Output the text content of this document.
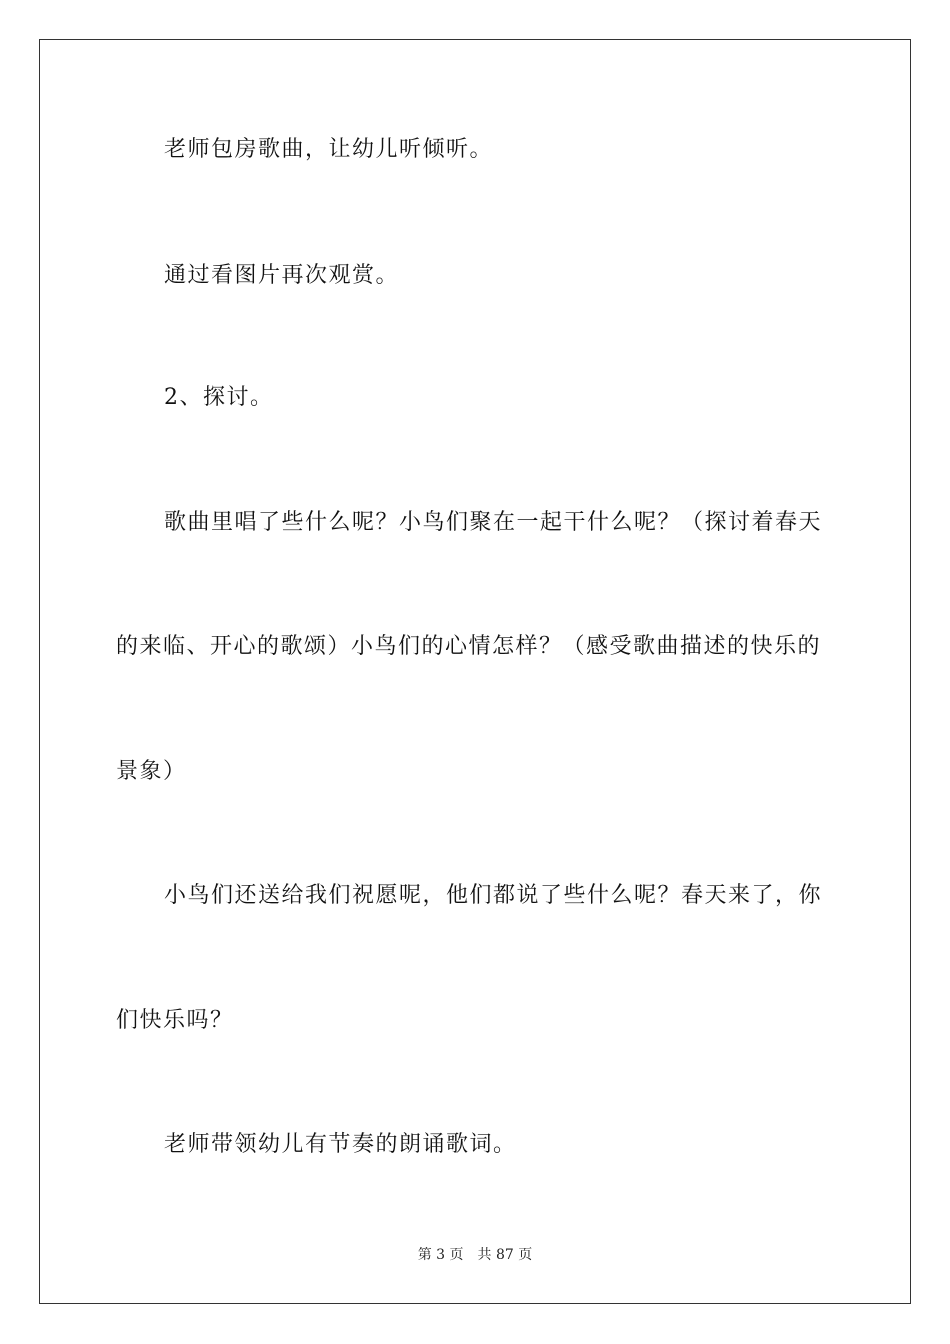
老师包房歌曲，让幼儿听倾听。
通过看图片再次观赏。
2、探讨。
歌曲里唱了些什么呢？小鸟们聚在一起干什么呢？（探讨着春天
的来临、开心的歌颂）小鸟们的心情怎样？（感受歌曲描述的快乐的
景象）
小鸟们还送给我们祝愿呢，他们都说了些什么呢？春天来了，你
们快乐吗？
老师带领幼儿有节奏的朗诵歌词。
第 3 页 共 87 页
